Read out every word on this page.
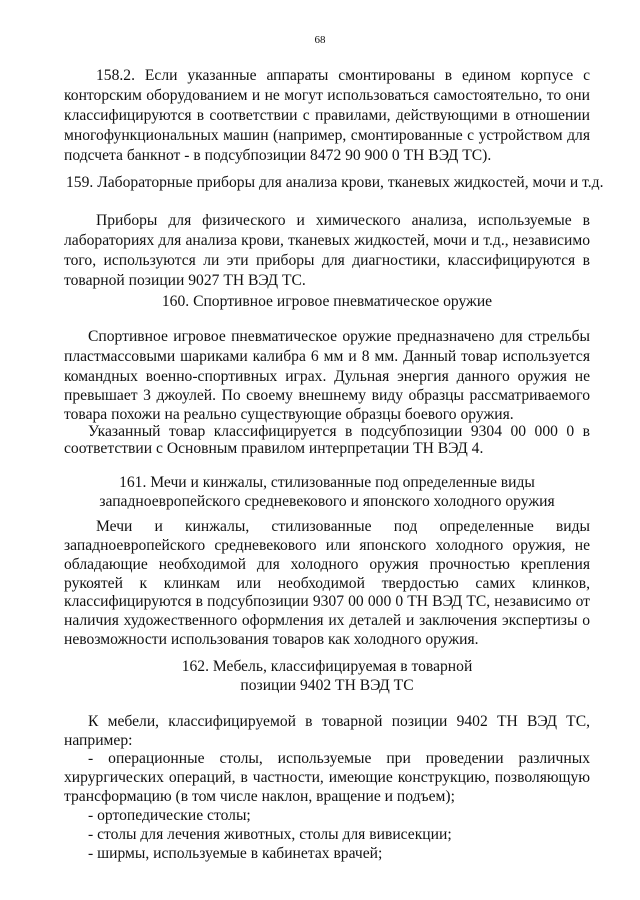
68
158.2. Если указанные аппараты смонтированы в едином корпусе с
конторским оборудованием и не могут использоваться самостоятельно, то они
классифицируются в соответствии с правилами, действующими в отношении
многофункциональных машин (например, смонтированные с устройством для
подсчета банкнот - в подсубпозиции 8472 90 900 0 ТН ВЭД ТС).
159. Лабораторные приборы для анализа крови, тканевых жидкостей, мочи и т.д.
Приборы для физического и химического анализа, используемые в
лабораториях для анализа крови, тканевых жидкостей, мочи и т.д., независимо
того, используются ли эти приборы для диагностики, классифицируются в
товарной позиции 9027 ТН ВЭД ТС.
160. Спортивное игровое пневматическое оружие
Спортивное игровое пневматическое оружие предназначено для стрельбы
пластмассовыми шариками калибра 6 мм и 8 мм. Данный товар используется
командных военно-спортивных играх. Дульная энергия данного оружия не
превышает 3 джоулей. По своему внешнему виду образцы рассматриваемого
товара похожи на реально существующие образцы боевого оружия.
Указанный товар классифицируется в подсубпозиции 9304 00 000 0 в
соответствии с Основным правилом интерпретации ТН ВЭД 4.
161. Мечи и кинжалы, стилизованные под определенные виды
западноевропейского средневекового и японского холодного оружия
Мечи и кинжалы, стилизованные под определенные виды
западноевропейского средневекового или японского холодного оружия, не
обладающие необходимой для холодного оружия прочностью крепления
рукоятей к клинкам или необходимой твердостью самих клинков,
классифицируются в подсубпозиции 9307 00 000 0 ТН ВЭД ТС, независимо от
наличия художественного оформления их деталей и заключения экспертизы о
невозможности использования товаров как холодного оружия.
162. Мебель, классифицируемая в товарной
позиции 9402 ТН ВЭД ТС
К мебели, классифицируемой в товарной позиции 9402 ТН ВЭД ТС,
например:
- операционные столы, используемые при проведении различных
хирургических операций, в частности, имеющие конструкцию, позволяющую
трансформацию (в том числе наклон, вращение и подъем);
- ортопедические столы;
- столы для лечения животных, столы для вивисекции;
- ширмы, используемые в кабинетах врачей;
